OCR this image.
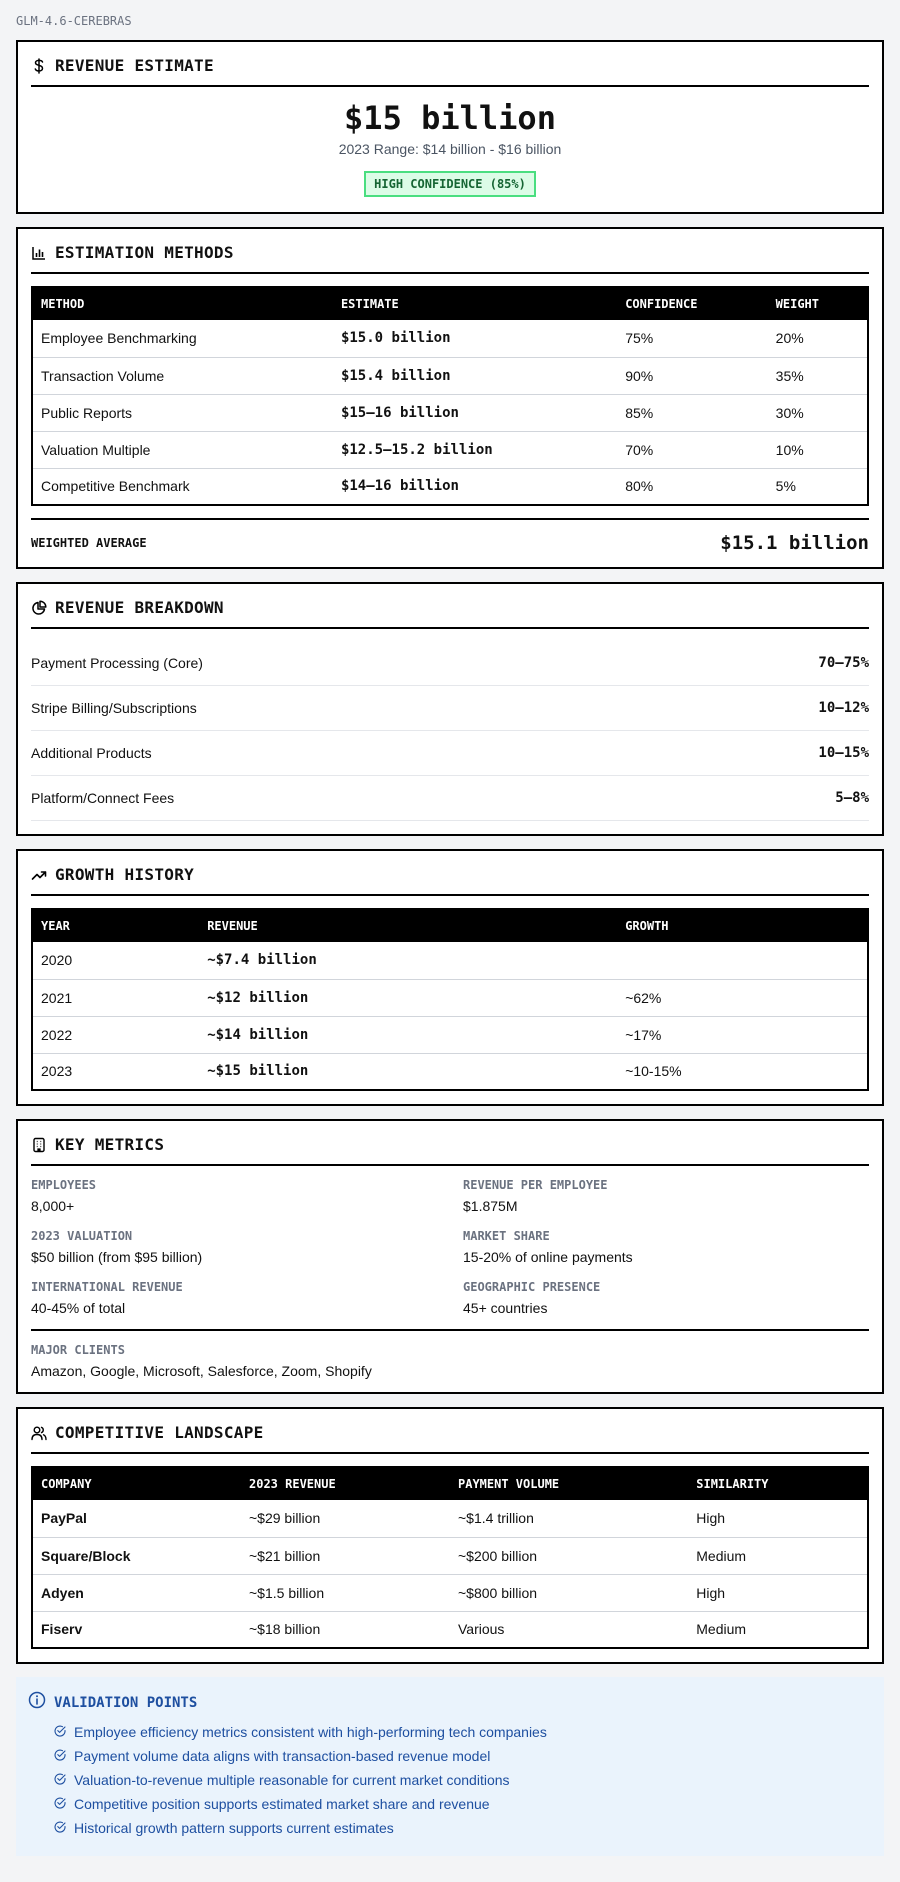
GLM-4.6-CEREBRAS
REVENUE ESTIMATE
$15 billion
2023 Range: $14 billion - $16 billion
HIGH CONFIDENCE (85%)
ESTIMATION METHODS
METHOD	ESTIMATE	CONFIDENCE	WEIGHT
Employee Benchmarking	$15.0 billion	75%	20%
Transaction Volume	$15.4 billion	90%	35%
Public Reports	$15–16 billion	85%	30%
Valuation Multiple	$12.5–15.2 billion	70%	10%
Competitive Benchmark	$14–16 billion	80%	5%
WEIGHTED AVERAGE	$15.1 billion
REVENUE BREAKDOWN
Payment Processing (Core)	70–75%
Stripe Billing/Subscriptions	10–12%
Additional Products	10–15%
Platform/Connect Fees	5–8%
GROWTH HISTORY
YEAR	REVENUE	GROWTH
2020	~$7.4 billion	
2021	~$12 billion	~62%
2022	~$14 billion	~17%
2023	~$15 billion	~10-15%
KEY METRICS
EMPLOYEES
8,000+
REVENUE PER EMPLOYEE
$1.875M
2023 VALUATION
$50 billion (from $95 billion)
MARKET SHARE
15-20% of online payments
INTERNATIONAL REVENUE
40-45% of total
GEOGRAPHIC PRESENCE
45+ countries
MAJOR CLIENTS
Amazon, Google, Microsoft, Salesforce, Zoom, Shopify
COMPETITIVE LANDSCAPE
COMPANY	2023 REVENUE	PAYMENT VOLUME	SIMILARITY
PayPal	~$29 billion	~$1.4 trillion	High
Square/Block	~$21 billion	~$200 billion	Medium
Adyen	~$1.5 billion	~$800 billion	High
Fiserv	~$18 billion	Various	Medium
VALIDATION POINTS
Employee efficiency metrics consistent with high-performing tech companies
Payment volume data aligns with transaction-based revenue model
Valuation-to-revenue multiple reasonable for current market conditions
Competitive position supports estimated market share and revenue
Historical growth pattern supports current estimates
